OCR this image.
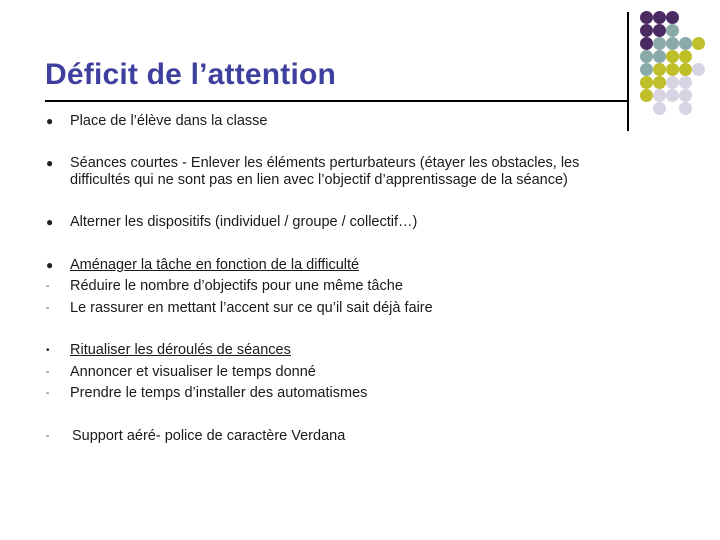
Déficit de l’attention
● Place de l’élève dans la classe
● Séances courtes - Enlever les éléments perturbateurs (étayer les obstacles, les
difficultés qui ne sont pas en lien avec l’objectif d’apprentissage de la séance)
● Alterner les dispositifs (individuel / groupe / collectif…)
● Aménager la tâche en fonction de la difficulté
- Réduire le nombre d’objectifs pour une même tâche
- Le rassurer en mettant l’accent sur ce qu’il sait déjà faire
• Ritualiser les déroulés de séances
- Annoncer et visualiser le temps donné
- Prendre le temps d’installer des automatismes
- Support aéré- police de caractère Verdana
